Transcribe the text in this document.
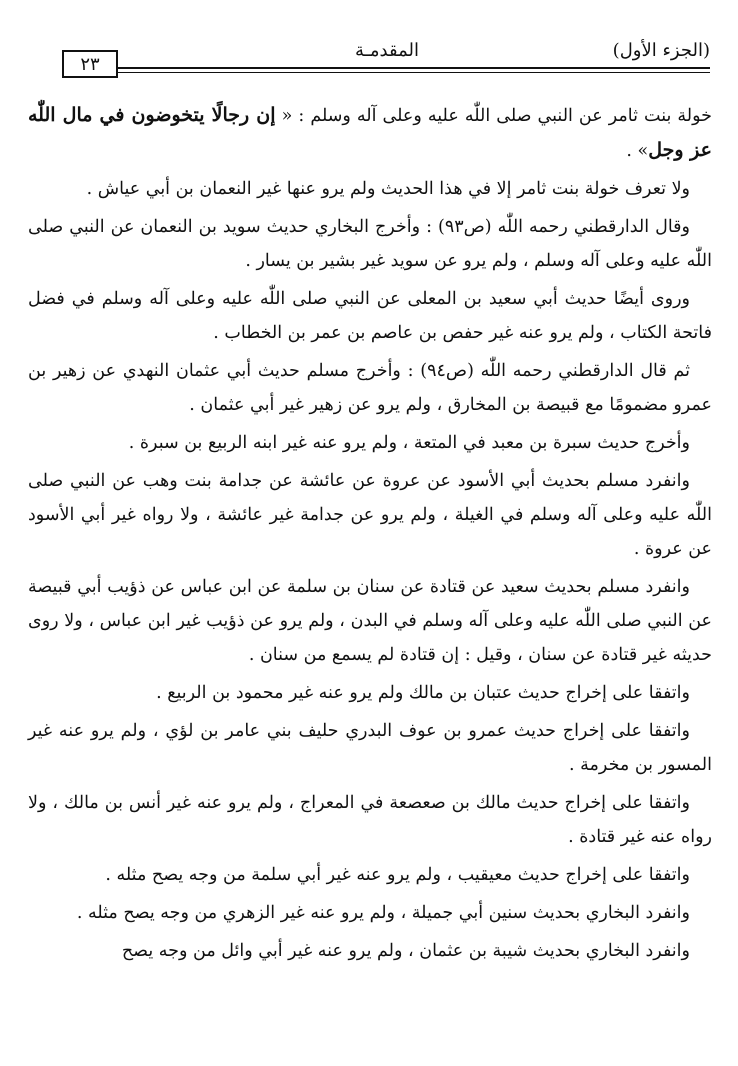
٢٣
المقدمـة	(الجزء الأول)

خولة بنت ثامر عن النبي صلى اللّٰه عليه وعلى آله وسلم : « إن رجالًا يتخوضون في مال اللّٰه عز وجل» .

ولا تعرف خولة بنت ثامر إلا في هذا الحديث ولم يرو عنها غير النعمان بن أبي عياش .

وقال الدارقطني رحمه اللّٰه (ص٩٣) : وأخرج البخاري حديث سويد بن النعمان عن النبي صلى اللّٰه عليه وعلى آله وسلم ، ولم يرو عن سويد غير بشير بن يسار .

وروى أيضًا حديث أبي سعيد بن المعلى عن النبي صلى اللّٰه عليه وعلى آله وسلم في فضل فاتحة الكتاب ، ولم يرو عنه غير حفص بن عاصم بن عمر بن الخطاب .

ثم قال الدارقطني رحمه اللّٰه (ص٩٤) : وأخرج مسلم حديث أبي عثمان النهدي عن زهير بن عمرو مضمومًا مع قبيصة بن المخارق ، ولم يرو عن زهير غير أبي عثمان .

وأخرج حديث سبرة بن معبد في المتعة ، ولم يرو عنه غير ابنه الربيع بن سبرة .

وانفرد مسلم بحديث أبي الأسود عن عروة عن عائشة عن جدامة بنت وهب عن النبي صلى اللّٰه عليه وعلى آله وسلم في الغيلة ، ولم يرو عن جدامة غير عائشة ، ولا رواه غير أبي الأسود عن عروة .

وانفرد مسلم بحديث سعيد عن قتادة عن سنان بن سلمة عن ابن عباس عن ذؤيب أبي قبيصة عن النبي صلى اللّٰه عليه وعلى آله وسلم في البدن ، ولم يرو عن ذؤيب غير ابن عباس ، ولا روى حديثه غير قتادة عن سنان ، وقيل : إن قتادة لم يسمع من سنان .

واتفقا على إخراج حديث عتبان بن مالك ولم يرو عنه غير محمود بن الربيع .

واتفقا على إخراج حديث عمرو بن عوف البدري حليف بني عامر بن لؤي ، ولم يرو عنه غير المسور بن مخرمة .

واتفقا على إخراج حديث مالك بن صعصعة في المعراج ، ولم يرو عنه غير أنس بن مالك ، ولا رواه عنه غير قتادة .

واتفقا على إخراج حديث معيقيب ، ولم يرو عنه غير أبي سلمة من وجه يصح مثله .

وانفرد البخاري بحديث سنين أبي جميلة ، ولم يرو عنه غير الزهري من وجه يصح مثله .

وانفرد البخاري بحديث شيبة بن عثمان ، ولم يرو عنه غير أبي وائل من وجه يصح
